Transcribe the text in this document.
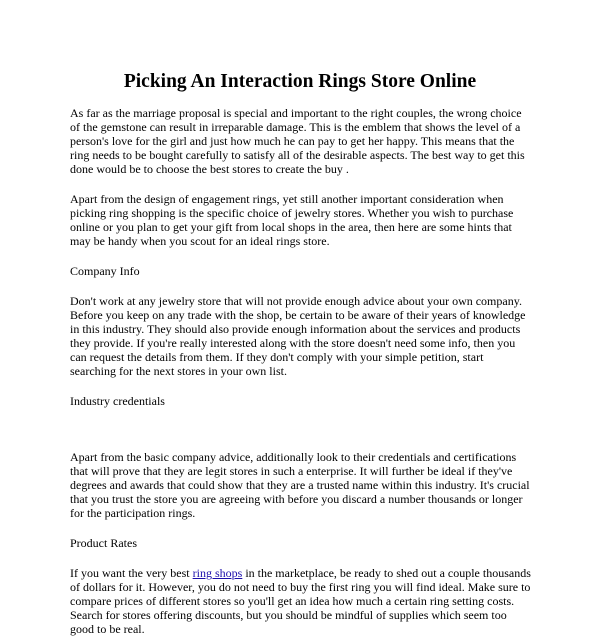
Picking An Interaction Rings Store Online

As far as the marriage proposal is special and important to the right couples, the wrong choice of the gemstone can result in irreparable damage. This is the emblem that shows the level of a person's love for the girl and just how much he can pay to get her happy. This means that the ring needs to be bought carefully to satisfy all of the desirable aspects. The best way to get this done would be to choose the best stores to create the buy .

Apart from the design of engagement rings, yet still another important consideration when picking ring shopping is the specific choice of jewelry stores. Whether you wish to purchase online or you plan to get your gift from local shops in the area, then here are some hints that may be handy when you scout for an ideal rings store.

Company Info

Don't work at any jewelry store that will not provide enough advice about your own company. Before you keep on any trade with the shop, be certain to be aware of their years of knowledge in this industry. They should also provide enough information about the services and products they provide. If you're really interested along with the store doesn't need some info, then you can request the details from them. If they don't comply with your simple petition, start searching for the next stores in your own list.

Industry credentials

Apart from the basic company advice, additionally look to their credentials and certifications that will prove that they are legit stores in such a enterprise. It will further be ideal if they've degrees and awards that could show that they are a trusted name within this industry. It's crucial that you trust the store you are agreeing with before you discard a number thousands or longer for the participation rings.

Product Rates

If you want the very best ring shops in the marketplace, be ready to shed out a couple thousands of dollars for it. However, you do not need to buy the first ring you will find ideal. Make sure to compare prices of different stores so you'll get an idea how much a certain ring setting costs. Search for stores offering discounts, but you should be mindful of supplies which seem too good to be real.
